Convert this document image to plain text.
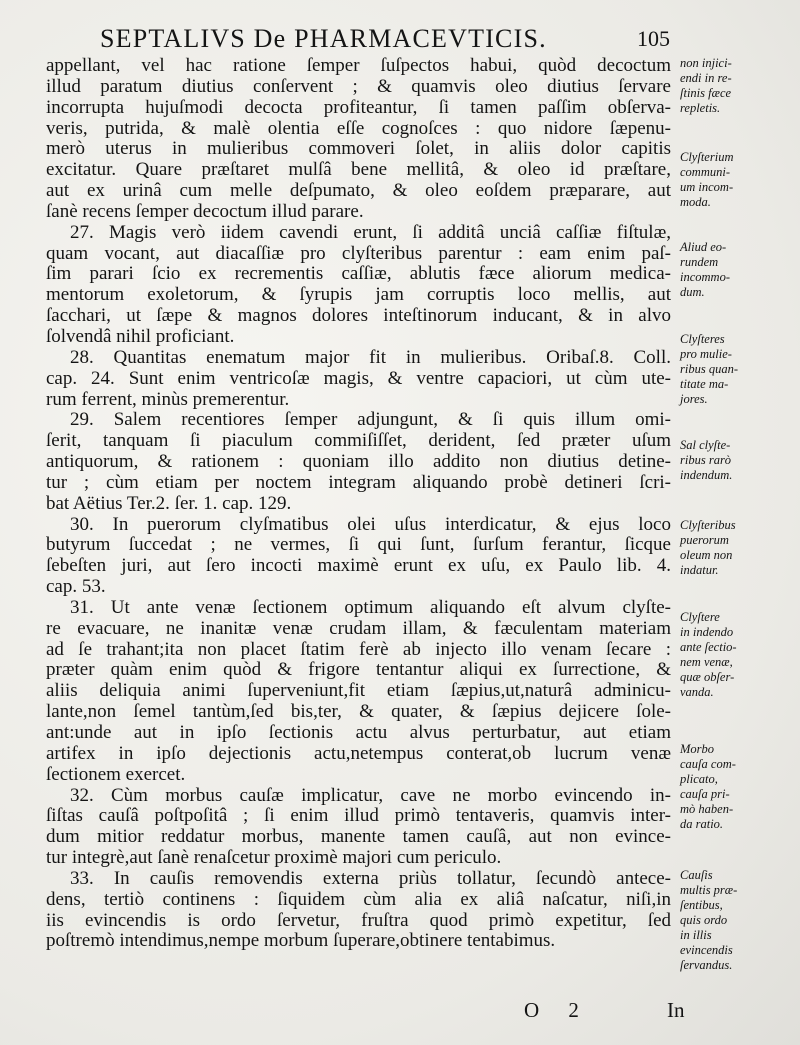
SEPTALIVS De PHARMACEVTICIS.	105
appellant, vel hac ratione ſemper ſuſpectos habui, quòd decoctum
illud paratum diutius conſervent ; & quamvis oleo diutius ſervare
incorrupta hujuſmodi decocta profiteantur, ſi tamen paſſim obſerva-
veris, putrida, & malè olentia eſſe cognoſces : quo nidore ſæpenu-
merò uterus in mulieribus commoveri ſolet, in aliis dolor capitis
excitatur. Quare præſtaret mulſâ bene mellitâ, & oleo id præſtare,
aut ex urinâ cum melle deſpumato, & oleo eoſdem præparare, aut
ſanè recens ſemper decoctum illud parare.
27. Magis verò iidem cavendi erunt, ſi additâ unciâ caſſiæ fiſtulæ,
quam vocant, aut diacaſſiæ pro clyſteribus parentur : eam enim paſ-
ſim parari ſcio ex recrementis caſſiæ, ablutis fæce aliorum medica-
mentorum exoletorum, & ſyrupis jam corruptis loco mellis, aut
ſacchari, ut ſæpe & magnos dolores inteſtinorum inducant, & in alvo
ſolvendâ nihil proficiant.
28. Quantitas enematum major fit in mulieribus. Oribaſ.8. Coll.
cap. 24. Sunt enim ventricoſæ magis, & ventre capaciori, ut cùm ute-
rum ferrent, minùs premerentur.
29. Salem recentiores ſemper adjungunt, & ſi quis illum omi-
ſerit, tanquam ſi piaculum commiſiſſet, derident, ſed præter uſum
antiquorum, & rationem : quoniam illo addito non diutius detine-
tur ; cùm etiam per noctem integram aliquando probè detineri ſcri-
bat Aëtius Ter.2. ſer. 1. cap. 129.
30. In puerorum clyſmatibus olei uſus interdicatur, & ejus loco
butyrum ſuccedat ; ne vermes, ſi qui ſunt, ſurſum ferantur, ſicque
ſebeſten juri, aut ſero incocti maximè erunt ex uſu, ex Paulo lib. 4.
cap. 53.
31. Ut ante venæ ſectionem optimum aliquando eſt alvum clyſte-
re evacuare, ne inanitæ venæ crudam illam, & fæculentam materiam
ad ſe trahant;ita non placet ſtatim ferè ab injecto illo venam ſecare :
præter quàm enim quòd & frigore tentantur aliqui ex ſurrectione, &
aliis deliquia animi ſuperveniunt,fit etiam ſæpius,ut,naturâ adminicu-
lante,non ſemel tantùm,ſed bis,ter, & quater, & ſæpius dejicere ſole-
ant:unde aut in ipſo ſectionis actu alvus perturbatur, aut etiam
artifex in ipſo dejectionis actu,netempus conterat,ob lucrum venæ
ſectionem exercet.
32. Cùm morbus cauſæ implicatur, cave ne morbo evincendo in-
ſiſtas cauſâ poſtpoſitâ ; ſi enim illud primò tentaveris, quamvis inter-
dum mitior reddatur morbus, manente tamen cauſâ, aut non evince-
tur integrè,aut ſanè renaſcetur proximè majori cum periculo.
33. In cauſis removendis externa priùs tollatur, ſecundò antece-
dens, tertiò continens : ſiquidem cùm alia ex aliâ naſcatur, niſi,in
iis evincendis is ordo ſervetur, fruſtra quod primò expetitur, ſed
poſtremò intendimus,nempe morbum ſuperare,obtinere tentabimus.
non injici-
endi in re-
ſtinis fæce
repletis.
Clyſterium
communi-
um incom-
moda.
Aliud eo-
rundem
incommo-
dum.
Clyſteres
pro mulie-
ribus quan-
titate ma-
jores.
Sal clyſte-
ribus rarò
indendum.
Clyſteribus
puerorum
oleum non
indatur.
Clyſtere
in indendo
ante ſectio-
nem venæ,
quæ obſer-
vanda.
Morbo
cauſa com-
plicato,
cauſa pri-
mò haben-
da ratio.
Cauſis
multis præ-
ſentibus,
quis ordo
in illis
evincendis
ſervandus.
O 2	In
